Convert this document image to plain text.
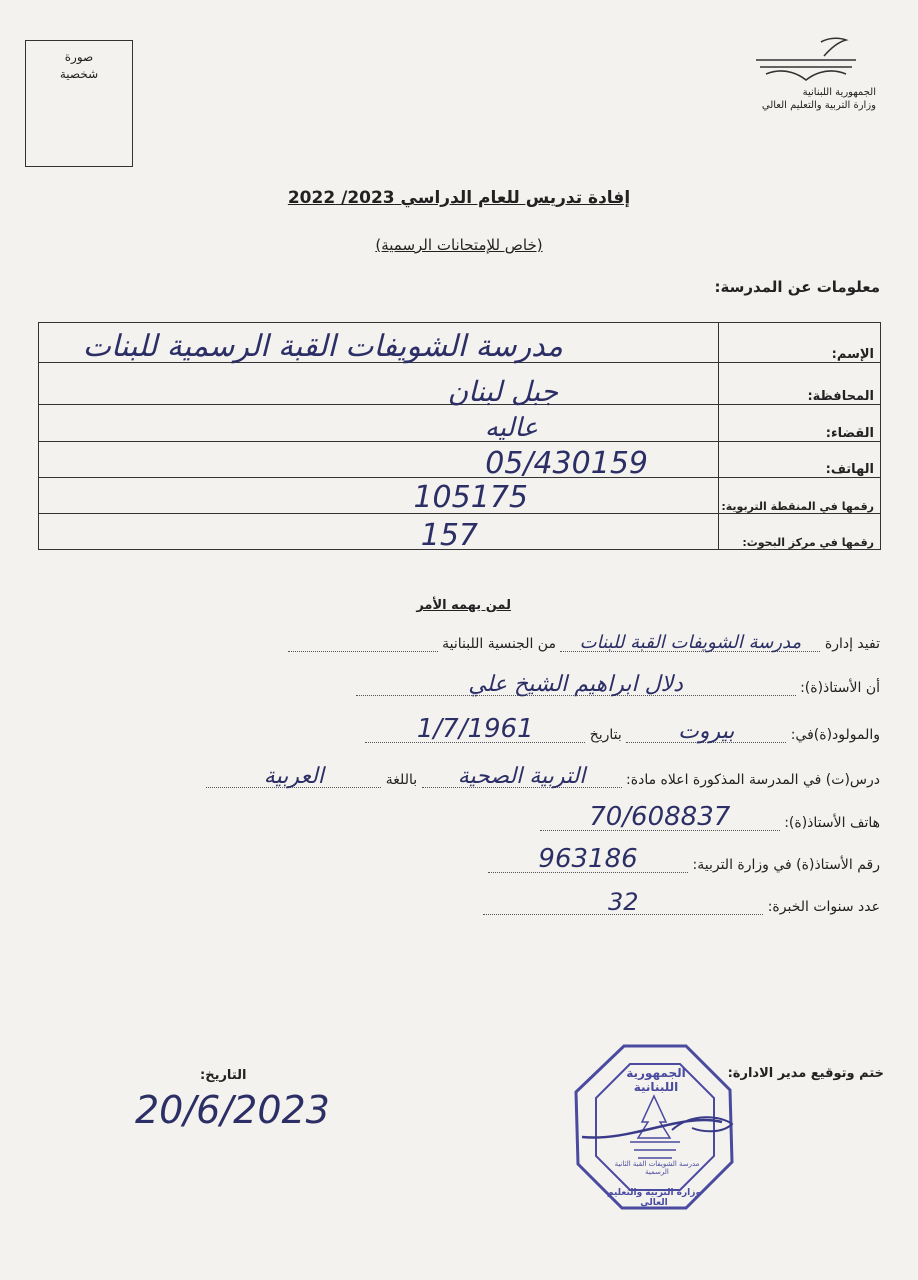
صورة
شخصية
الجمهورية اللبنانية
وزارة التربية والتعليم العالي
إفادة تدريس للعام الدراسي 2023/ 2022
(خاص للإمتحانات الرسمية)
معلومات عن المدرسة:
الإسم:	مدرسة الشويفات القبة الرسمية للبنات

المحافظة:	جبل لبنان

القضاء:	عاليه

الهاتف:	05/430159

رقمها في المنقطة التربوية:	105175

رقمها في مركز البحوث:	157
لمن يهمه الأمر
تفيد إدارة
مدرسة الشويفات القبة للبنات
من الجنسية اللبنانية
أن الأستاذ(ة):
دلال ابراهيم الشيخ علي
والمولود(ة)في:
بيروت
بتاريخ
1/7/1961
درس(ت) في المدرسة المذكورة اعلاه مادة:
التربية الصحية
باللغة
العربية
هاتف الأستاذ(ة):
70/608837
رقم الأستاذ(ة) في وزارة التربية:
963186
عدد سنوات الخبرة:
32
ختم وتوقيع مدير الادارة:
التاريخ:
20/6/2023
الجمهورية اللبنانية
مدرسة الشويفات القبة الثانية الرسمية
وزارة التربية والتعليم العالي
